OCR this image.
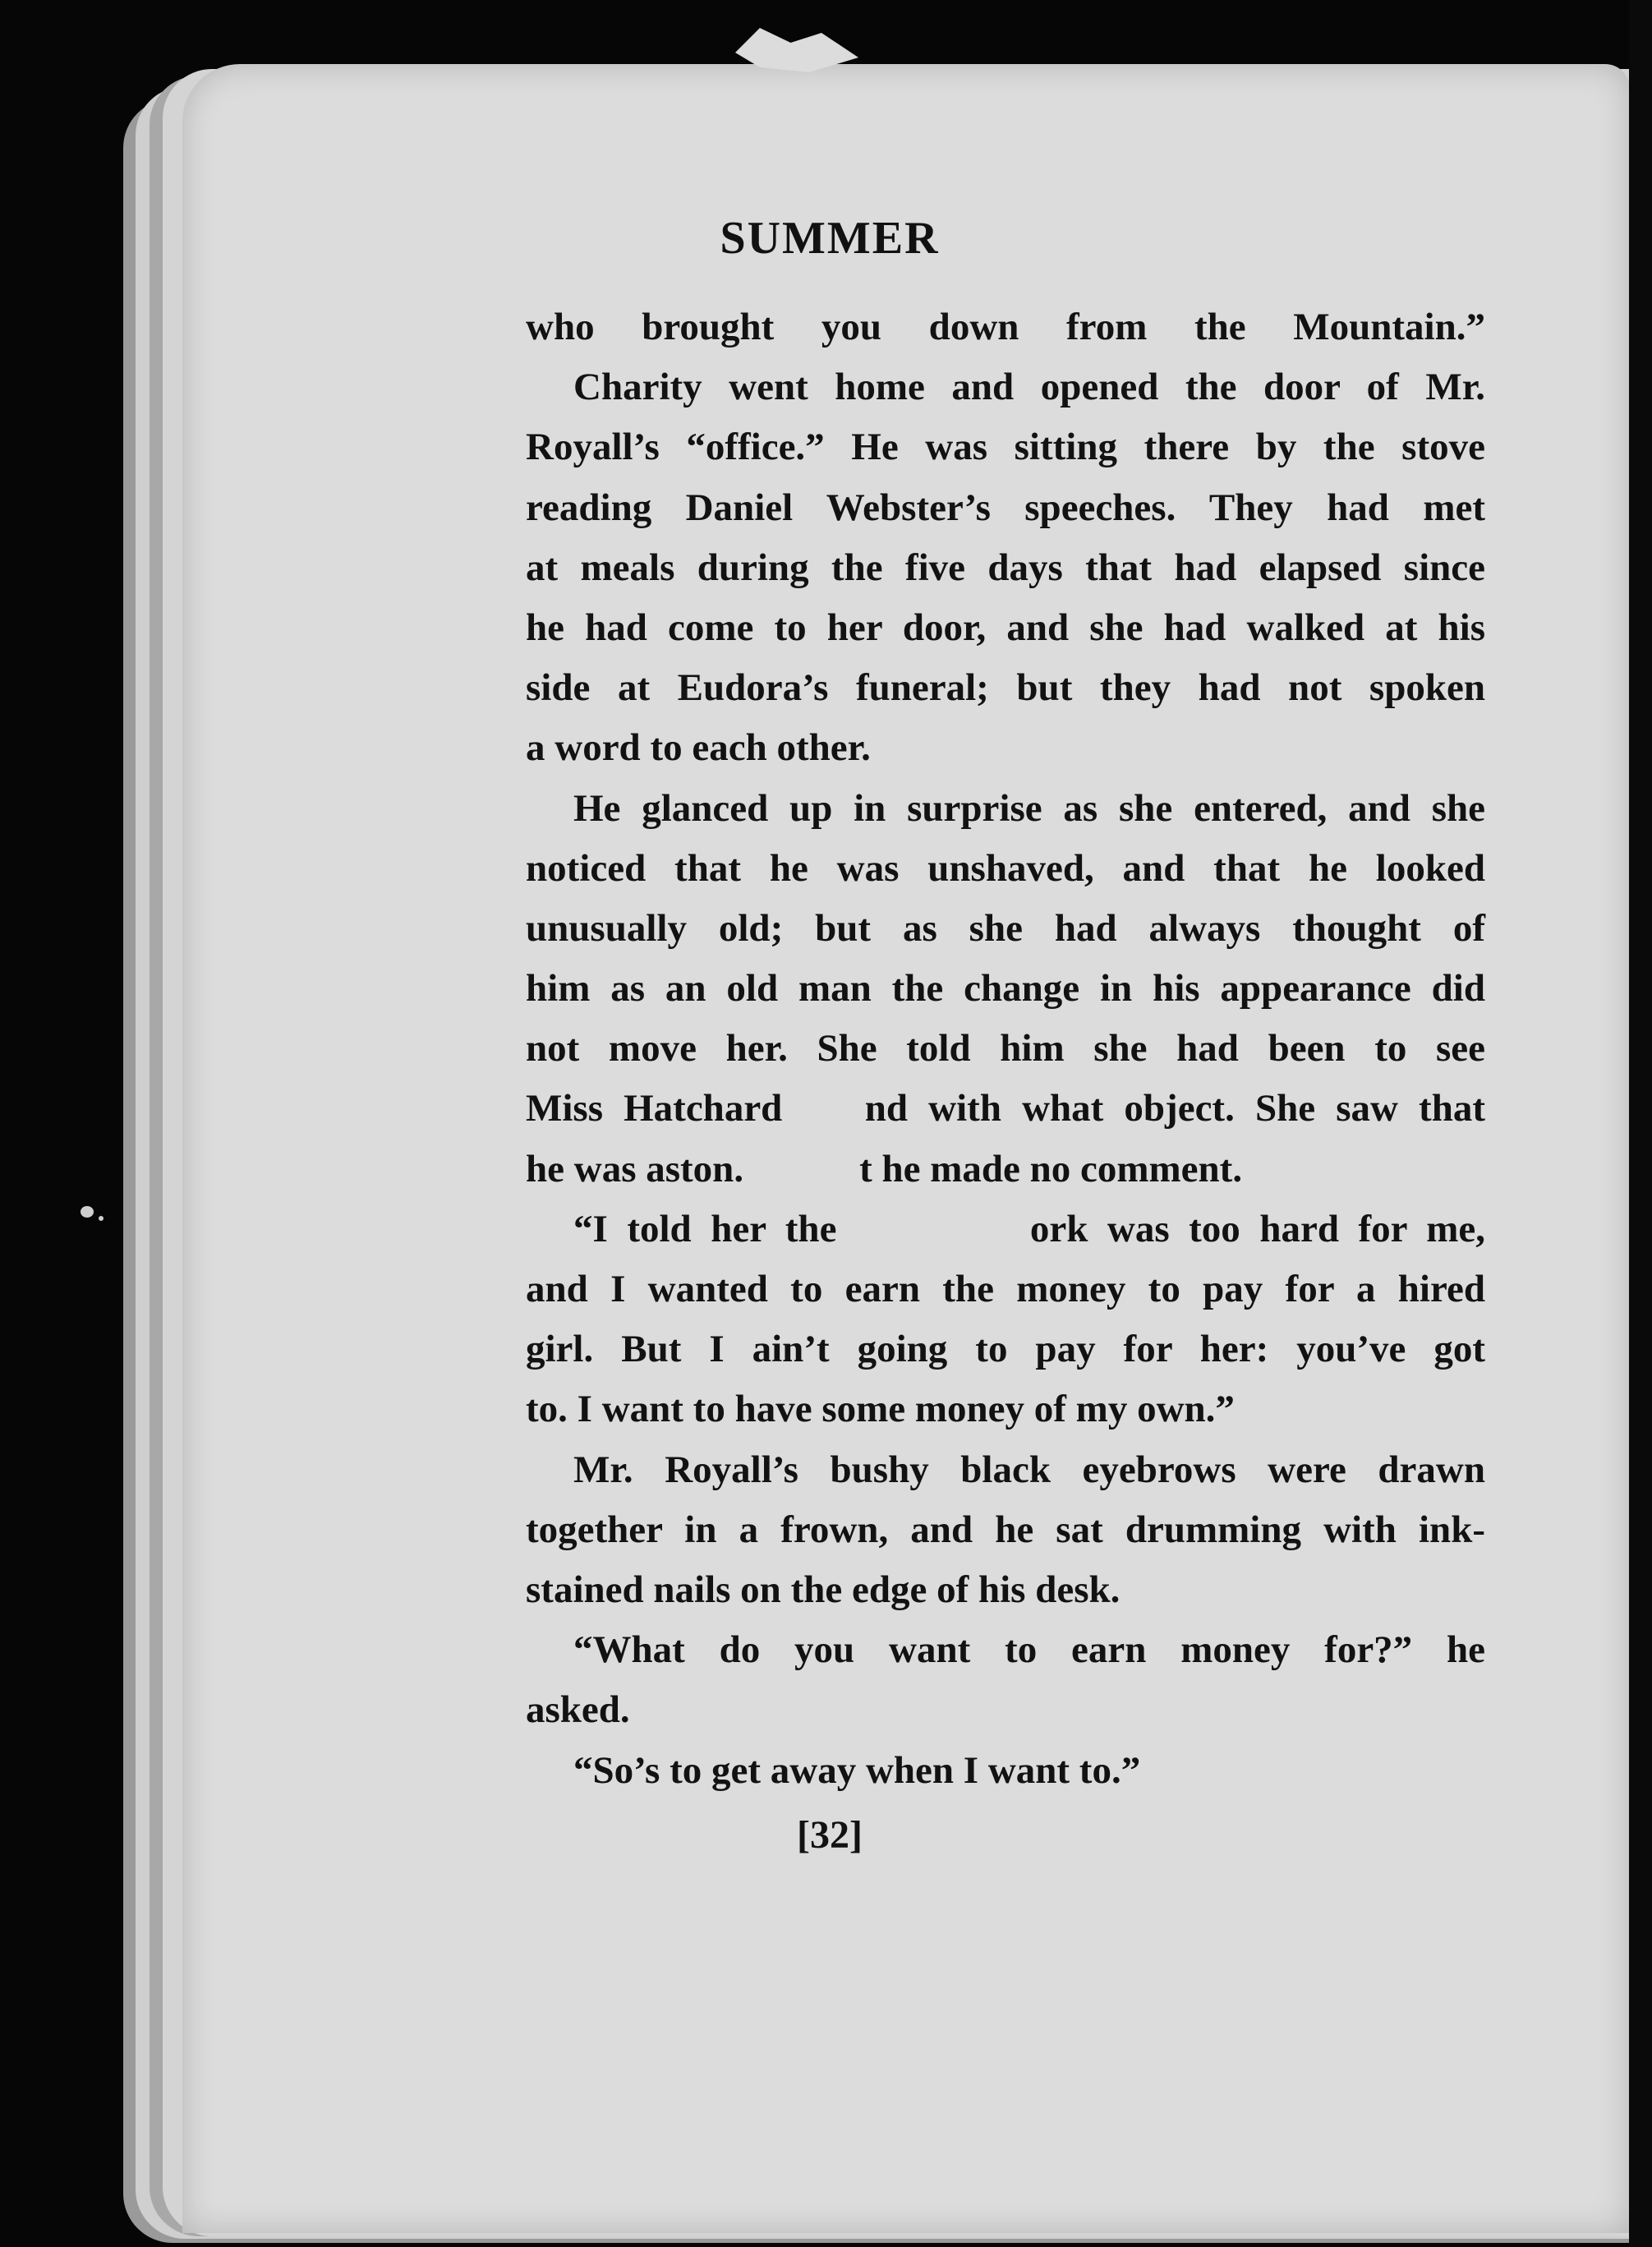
SUMMER
who brought you down from the Mountain.”
Charity went home and opened the door of Mr.
Royall’s “office.” He was sitting there by the stove
reading Daniel Webster’s speeches. They had met
at meals during the five days that had elapsed since
he had come to her door, and she had walked at his
side at Eudora’s funeral; but they had not spoken
a word to each other.
He glanced up in surprise as she entered, and she
noticed that he was unshaved, and that he looked
unusually old; but as she had always thought of
him as an old man the change in his appearance did
not move her. She told him she had been to see
Miss Hatchard    nd with what object. She saw that
he was aston.            t he made no comment.
“I told her the          ork was too hard for me,
and I wanted to earn the money to pay for a hired
girl. But I ain’t going to pay for her: you’ve got
to. I want to have some money of my own.”
Mr. Royall’s bushy black eyebrows were drawn
together in a frown, and he sat drumming with ink-
stained nails on the edge of his desk.
“What do you want to earn money for?” he
asked.
“So’s to get away when I want to.”
[32]
